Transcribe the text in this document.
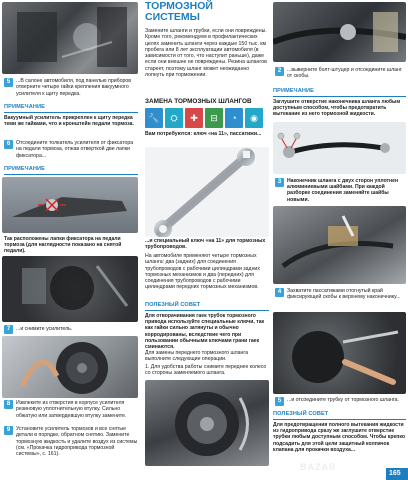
5	...В салоне автомобиля, под панелью приборов отверните четыре гайки крепления вакуумного усилителя к щиту передка.
ПРИМЕЧАНИЕ
Вакуумный усилитель прикреплен к щиту передка теми же гайками, что и кронштейн педали тормоза.
6	Отсоедините толкатель усилителя от фиксатора на педали тормоза, отжав отверткой две лапки фиксатора...
ПРИМЕЧАНИЕ
Так расположены лапки фиксатора на педали тормоза (для наглядности показано на снятой педали).
7	...и снимите усилитель.
8	Извлеките из отверстия в корпусе усилителя резиновую уплотнительную втулку. Сильно обжатую или затвердевшую втулку замените.
9	Установите усилитель тормозов и все снятые детали в порядке, обратном снятию. Замените тормозную жидкость и удалите воздух из системы (см. «Прокачка гидропривода тормозной системы», с. 161).
ТОРМОЗНОЙ
СИСТЕМЫ
Замените шланги и трубки, если они повреждены. Кроме того, рекомендуем в профилактических целях заменить шланги через каждые 150 тыс. км пробега или 8 лет эксплуатации автомобиля (в зависимости от того, что наступит раньше), даже если они внешне не повреждены. Резина шлангов стареет, поэтому шланг может неожиданно лопнуть при торможении.
ЗАМЕНА ТОРМОЗНЫХ ШЛАНГОВ
🔧	⛭	✚	⊟	◔	◉
Вам потребуются: ключ «на 11», пассатижи...
...и специальный ключ «на 11» для тормозных трубопроводов.
На автомобиле применяют четыре тормозных шланга: два (задних) для соединения трубопроводов с рабочими цилиндрами задних тормозных механизмов и два (передних) для соединения трубопроводов с рабочими цилиндрами передних тормозных механизмов.
ПОЛЕЗНЫЙ СОВЕТ
Для отворачивания гаек трубок тормозного привода используйте специальные ключи, так как гайки сильно затянуты и обычно корродированы, вследствие чего при пользовании обычными ключами грани гаек сминаются.
Для замены переднего тормозного шланга выполните следующие операции.
1. Для удобства работы снимите переднее колесо со стороны заменяемого шланга.
2	...выверните болт-штуцер и отсоедините шланг от скобы.
ПРИМЕЧАНИЕ
Заглушите отверстие наконечника шланга любым доступным способом, чтобы предотвратить вытекание из него тормозной жидкости.
3	Наконечник шланга с двух сторон уплотнен алюминиевыми шайбами. При каждой разборке соединения заменяйте шайбы новыми.
4	Захватите пассатижами отогнутый край фиксирующей скобы к верхнему наконечнику...
5	...и отсоедините трубку от тормозного шланга.
ПОЛЕЗНЫЙ СОВЕТ
Для предотвращения полного вытекания жидкости из гидропривода сразу же заглушите отверстие трубки любым доступным способом. Чтобы крепко подсадить для этой цели защитный колпачок клапана для прокачки воздуха...
165
BAZAR
